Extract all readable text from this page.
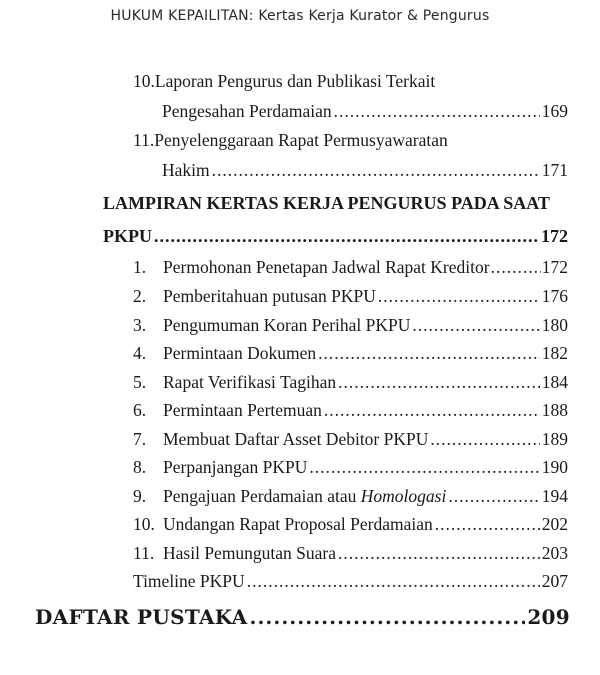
HUKUM KEPAILITAN: Kertas Kerja Kurator & Pengurus
10.Laporan Pengurus dan Publikasi Terkait
Pengesahan Perdamaian .....	169
11.Penyelenggaraan Rapat Permusyawaratan
Hakim .....	171
LAMPIRAN KERTAS KERJA PENGURUS PADA SAAT
PKPU .....	172
1. Permohonan Penetapan Jadwal Rapat Kreditor .....	172
2. Pemberitahuan putusan PKPU .....	176
3. Pengumuman Koran Perihal PKPU .....	180
4. Permintaan Dokumen .....	182
5. Rapat Verifikasi Tagihan .....	184
6. Permintaan Pertemuan .....	188
7. Membuat Daftar Asset Debitor PKPU .....	189
8. Perpanjangan PKPU .....	190
9. Pengajuan Perdamaian atau Homologasi .....	194
10. Undangan Rapat Proposal Perdamaian .....	202
11. Hasil Pemungutan Suara .....	203
Timeline PKPU .....	207
DAFTAR PUSTAKA .....	209
